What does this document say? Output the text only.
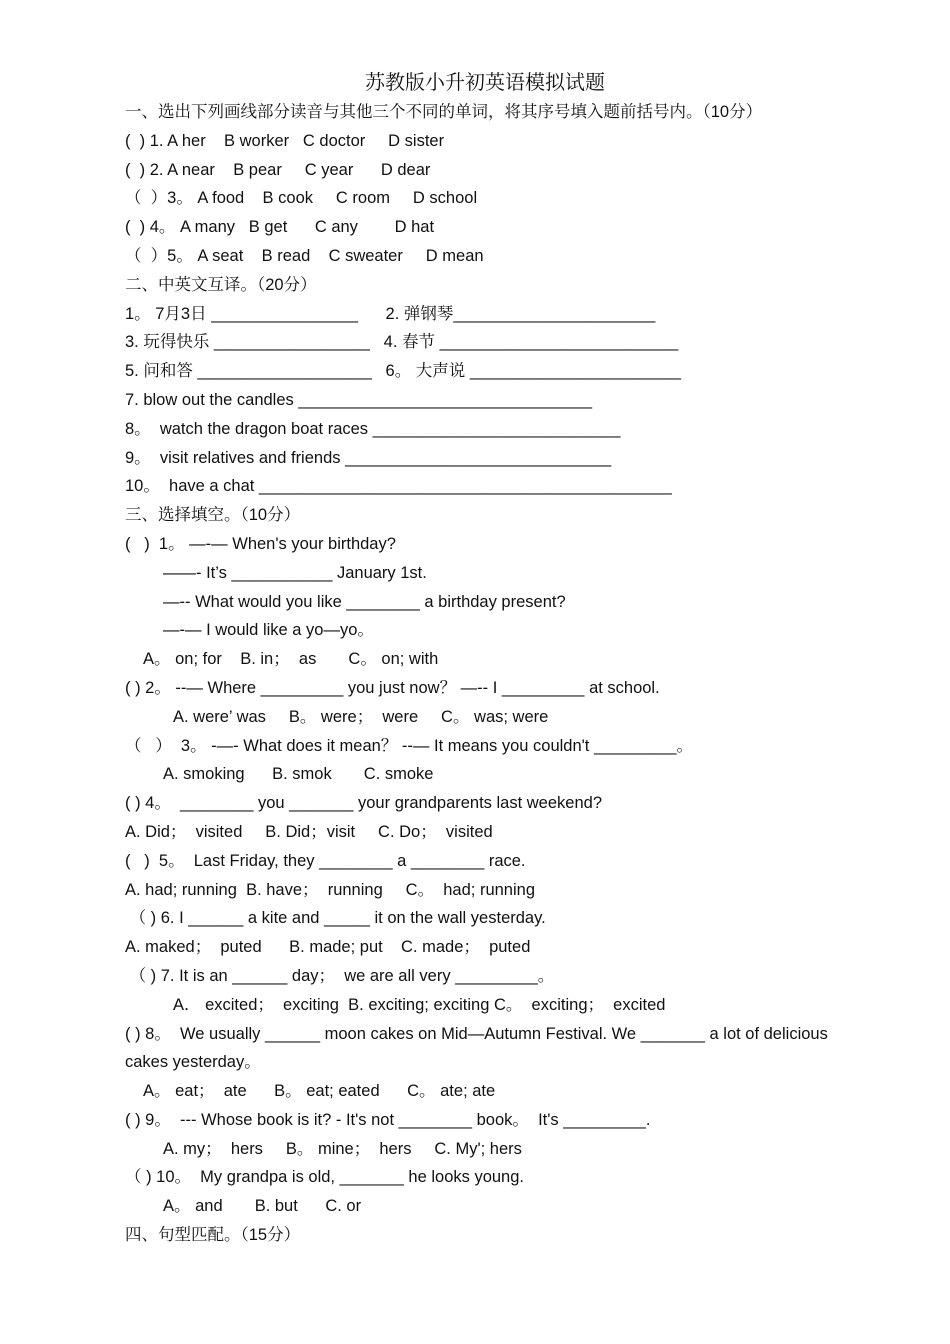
苏教版小升初英语模拟试题
一、选出下列画线部分读音与其他三个不同的单词，将其序号填入题前括号内。（10分）
(  ) 1. A her    B worker   C doctor     D sister
(  ) 2. A near    B pear     C year      D dear
（  ）3。 A food    B cook     C room     D school
(  ) 4。 A many   B get      C any        D hat
（  ）5。 A seat    B read    C sweater     D mean
二、中英文互译。（20分）
1。 7月3日 ________________      2. 弹钢琴______________________
3. 玩得快乐 _________________   4. 春节 __________________________
5. 问和答 ___________________   6。 大声说 _______________________
7. blow out the candles ________________________________
8。  watch the dragon boat races ___________________________
9。  visit relatives and friends _____________________________
10。  have a chat _____________________________________________
三、选择填空。（10分）
(   )  1。 —-— When's your birthday?
——- It’s ___________ January 1st.
—-- What would you like ________ a birthday present?
—-— I would like a yo—yo。
A。 on; for    B. in；  as       C。 on; with
( ) 2。 --— Where _________ you just now？ —-- I _________ at school.
A. were’ was     B。 were；  were     C。 was; were
（   ）  3。 -—- What does it mean？ --— It means you couldn't _________。
A. smoking      B. smok       C. smoke
( ) 4。  ________ you _______ your grandparents last weekend?
A. Did；  visited     B. Did；visit     C. Do；  visited
(   )  5。  Last Friday, they ________ a ________ race.
A. had; running  B. have；  running     C。  had; running
（ ) 6. I ______ a kite and _____ it on the wall yesterday.
A. maked；  puted      B. made; put    C. made；  puted
（ ) 7. It is an ______ day；  we are all very _________。
A． excited；  exciting  B. exciting; exciting C。  exciting；  excited
( ) 8。  We usually ______ moon cakes on Mid—Autumn Festival. We _______ a lot of delicious cakes yesterday。
A。 eat；  ate      B。 eat; eated      C。 ate; ate
( ) 9。  --- Whose book is it? - It's not ________ book。  It's _________.
A. my；  hers     B。 mine；  hers     C. My'; hers
（ ) 10。  My grandpa is old, _______ he looks young.
A。 and       B. but      C. or
四、句型匹配。（15分）
